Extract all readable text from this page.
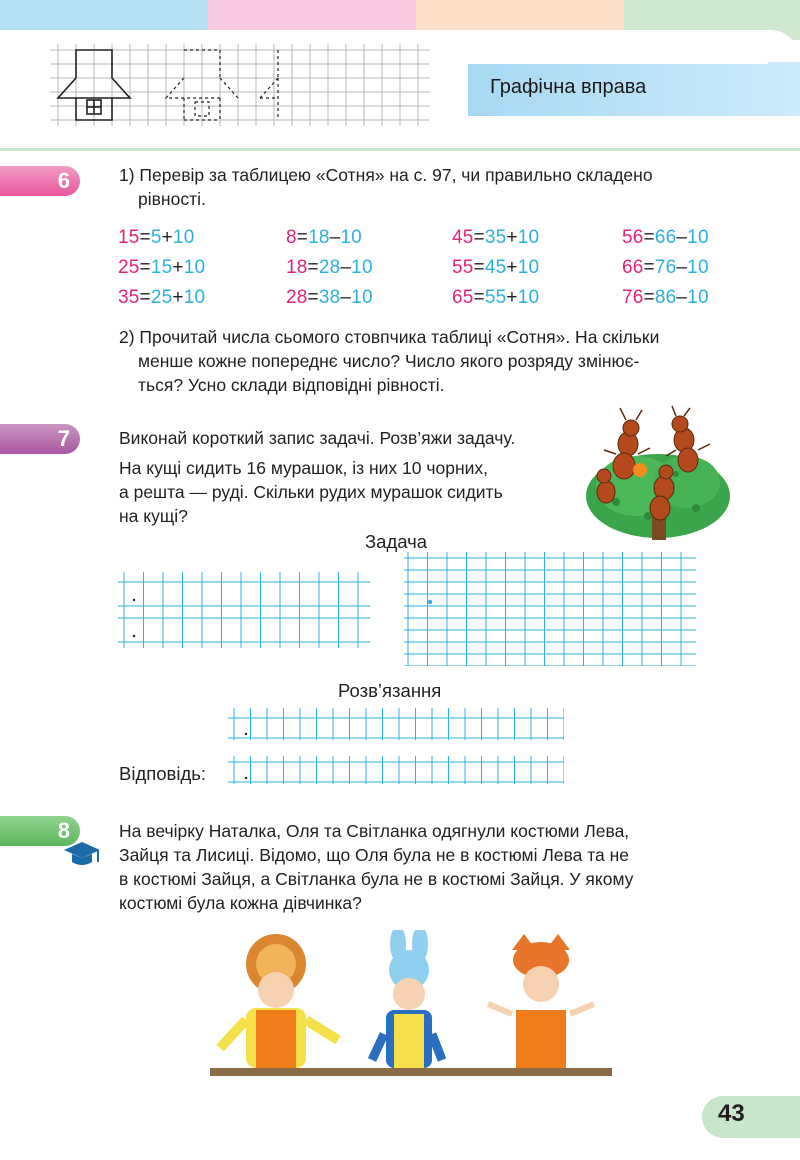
Графічна вправа
6	1) Перевір за таблицею «Сотня» на с. 97, чи правильно складено
рівності.
15=5+10	8=18–10	45=35+10	56=66–10
25=15+10	18=28–10	55=45+10	66=76–10
35=25+10	28=38–10	65=55+10	76=86–10
2) Прочитай числа сьомого стовпчика таблиці «Сотня». На скільки
менше кожне попереднє число? Число якого розряду змінює-
ться? Усно склади відповідні рівності.
7	Виконай короткий запис задачі. Розв’яжи задачу.
На кущі сидить 16 мурашок, із них 10 чорних,
а решта — руді. Скільки рудих мурашок сидить
на кущі?
Задача
Розв’язання
Відповідь:
8	На вечірку Наталка, Оля та Світланка одягнули костюми Лева,
Зайця та Лисиці. Відомо, що Оля була не в костюмі Лева та не
в костюмі Зайця, а Світланка була не в костюмі Зайця. У якому
костюмі була кожна дівчинка?
43
